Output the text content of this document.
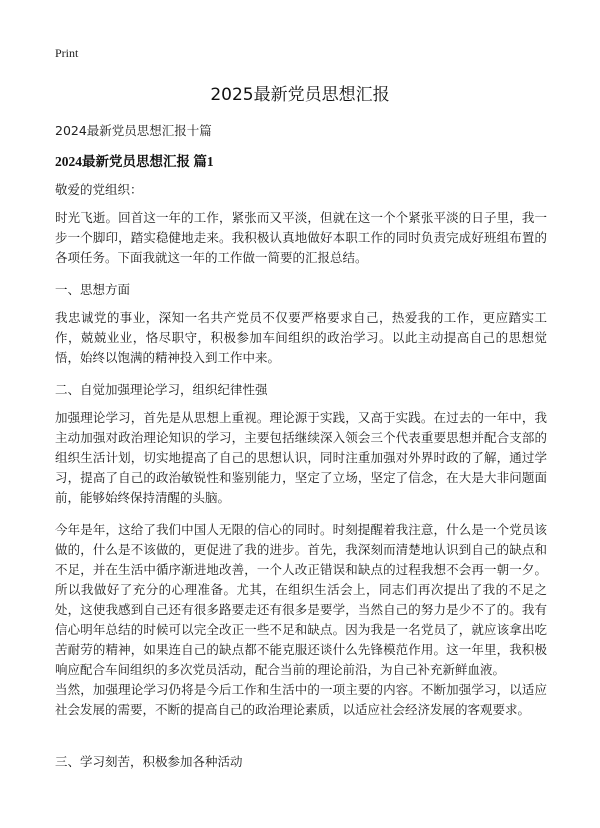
Print
2025最新党员思想汇报
2024最新党员思想汇报十篇
2024最新党员思想汇报 篇1
敬爱的党组织：

时光飞逝。回首这一年的工作，紧张而又平淡，但就在这一个个紧张平淡的日子里，我一步一个脚印，踏实稳健地走来。我积极认真地做好本职工作的同时负责完成好班组布置的各项任务。下面我就这一年的工作做一简要的汇报总结。

一、思想方面

我忠诚党的事业，深知一名共产党员不仅要严格要求自己，热爱我的工作，更应踏实工作，兢兢业业，恪尽职守，积极参加车间组织的政治学习。以此主动提高自己的思想觉悟，始终以饱满的精神投入到工作中来。

二、自觉加强理论学习，组织纪律性强

加强理论学习，首先是从思想上重视。理论源于实践，又高于实践。在过去的一年中，我主动加强对政治理论知识的学习，主要包括继续深入领会三个代表重要思想并配合支部的组织生活计划，切实地提高了自己的思想认识，同时注重加强对外界时政的了解，通过学习，提高了自己的政治敏锐性和鉴别能力，坚定了立场，坚定了信念，在大是大非问题面前，能够始终保持清醒的头脑。

今年是年，这给了我们中国人无限的信心的同时。时刻提醒着我注意，什么是一个党员该做的，什么是不该做的，更促进了我的进步。首先，我深刻而清楚地认识到自己的缺点和不足，并在生活中循序渐进地改善，一个人改正错误和缺点的过程我想不会再一朝一夕。所以我做好了充分的心理准备。尤其，在组织生活会上，同志们再次提出了我的不足之处，这使我感到自己还有很多路要走还有很多是要学，当然自己的努力是少不了的。我有信心明年总结的时候可以完全改正一些不足和缺点。因为我是一名党员了，就应该拿出吃苦耐劳的精神，如果连自己的缺点都不能克服还谈什么先锋模范作用。这一年里，我积极响应配合车间组织的多次党员活动，配合当前的理论前沿，为自己补充新鲜血液。

当然，加强理论学习仍将是今后工作和生活中的一项主要的内容。不断加强学习，以适应社会发展的需要，不断的提高自己的政治理论素质，以适应社会经济发展的客观要求。

三、学习刻苦，积极参加各种活动
